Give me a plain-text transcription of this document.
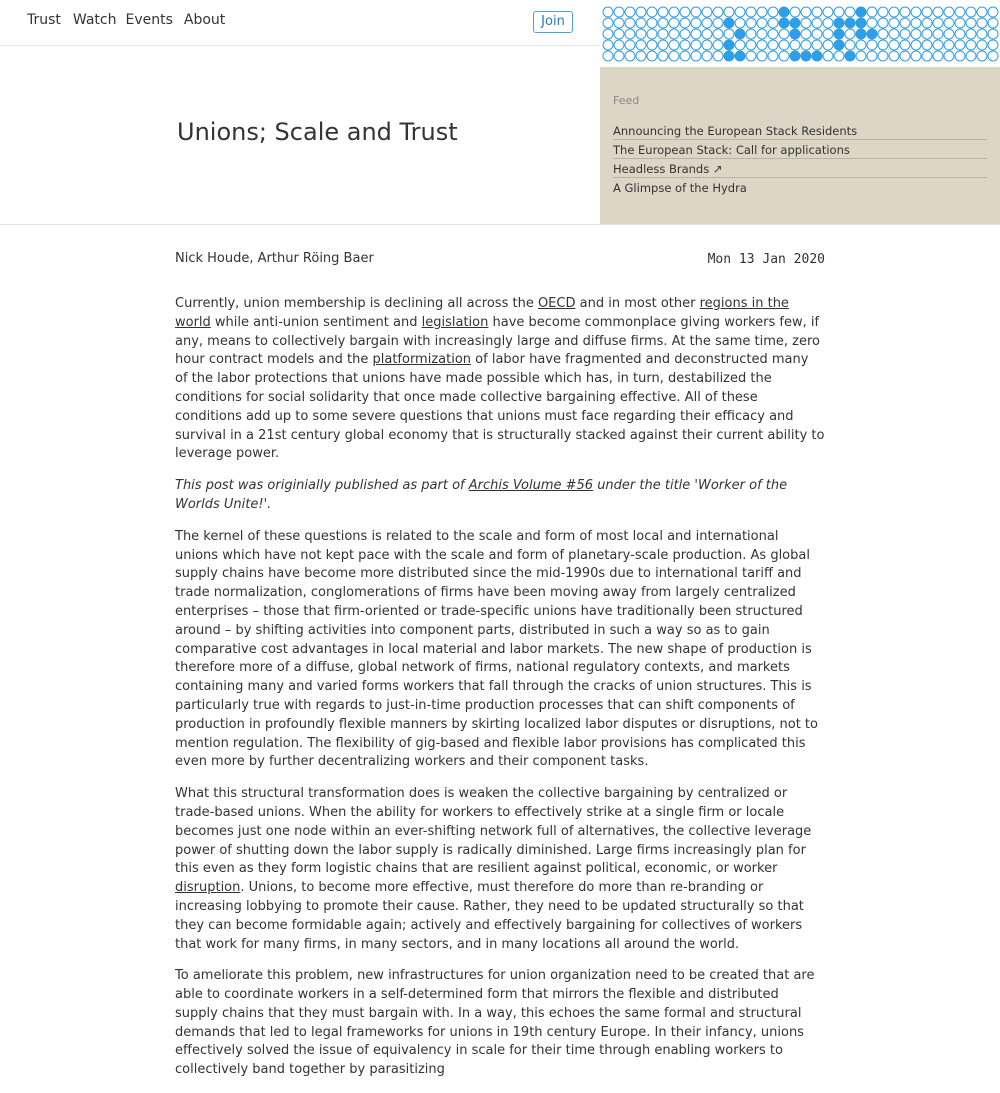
Trust Watch Events About	Join
Unions; Scale and Trust
Feed
Announcing the European Stack Residents
The European Stack: Call for applications
Headless Brands ↗
A Glimpse of the Hydra
Nick Houde, Arthur Röing Baer	Mon 13 Jan 2020

Currently, union membership is declining all across the OECD and in most other regions in the world while anti-union sentiment and legislation have become commonplace giving workers few, if any, means to collectively bargain with increasingly large and diffuse firms. At the same time, zero hour contract models and the platformization of labor have fragmented and deconstructed many of the labor protections that unions have made possible which has, in turn, destabilized the conditions for social solidarity that once made collective bargaining effective. All of these conditions add up to some severe questions that unions must face regarding their efficacy and survival in a 21st century global economy that is structurally stacked against their current ability to leverage power.

This post was originially published as part of Archis Volume #56 under the title 'Worker of the Worlds Unite!'.

The kernel of these questions is related to the scale and form of most local and international unions which have not kept pace with the scale and form of planetary-scale production. As global supply chains have become more distributed since the mid-1990s due to international tariff and trade normalization, conglomerations of firms have been moving away from largely centralized enterprises – those that firm-oriented or trade-specific unions have traditionally been structured around – by shifting activities into component parts, distributed in such a way so as to gain comparative cost advantages in local material and labor markets. The new shape of production is therefore more of a diffuse, global network of firms, national regulatory contexts, and markets containing many and varied forms workers that fall through the cracks of union structures. This is particularly true with regards to just-in-time production processes that can shift components of production in profoundly flexible manners by skirting localized labor disputes or disruptions, not to mention regulation. The flexibility of gig-based and flexible labor provisions has complicated this even more by further decentralizing workers and their component tasks.

What this structural transformation does is weaken the collective bargaining by centralized or trade-based unions. When the ability for workers to effectively strike at a single firm or locale becomes just one node within an ever-shifting network full of alternatives, the collective leverage power of shutting down the labor supply is radically diminished. Large firms increasingly plan for this even as they form logistic chains that are resilient against political, economic, or worker disruption. Unions, to become more effective, must therefore do more than re-branding or increasing lobbying to promote their cause. Rather, they need to be updated structurally so that they can become formidable again; actively and effectively bargaining for collectives of workers that work for many firms, in many sectors, and in many locations all around the world.

To ameliorate this problem, new infrastructures for union organization need to be created that are able to coordinate workers in a self-determined form that mirrors the flexible and distributed supply chains that they must bargain with. In a way, this echoes the same formal and structural demands that led to legal frameworks for unions in 19th century Europe. In their infancy, unions effectively solved the issue of equivalency in scale for their time through enabling workers to collectively band together by parasitizing
